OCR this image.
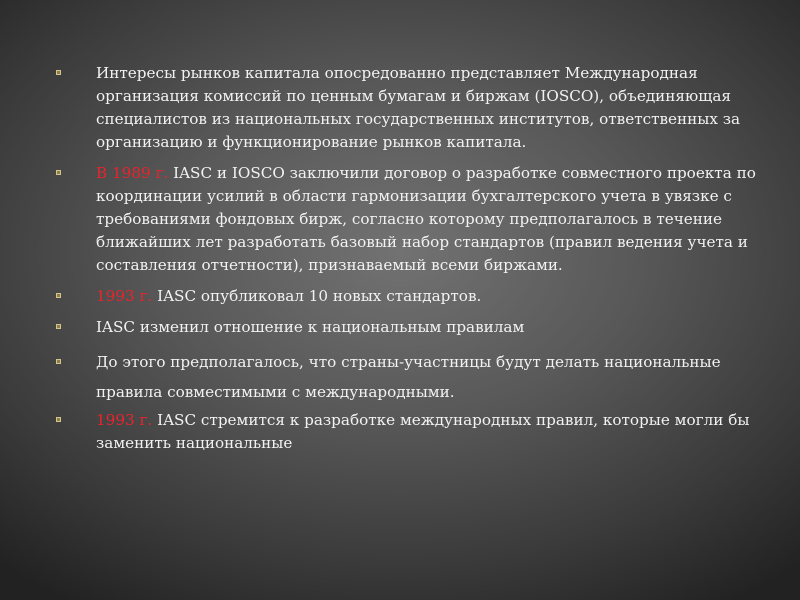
Интересы рынков капитала опосредованно представляет Международная организация комиссий по ценным бумагам и биржам (IOSCO), объединяющая специалистов из национальных государственных институтов, ответственных за организацию и функционирование рынков капитала.
В 1989 г. IASC и IOSCO заключили договор о разработке совместного проекта по координации усилий в области гармонизации бухгалтерского учета в увязке с требованиями фондовых бирж, согласно которому предполагалось в течение ближайших лет разработать базовый набор стандартов (правил ведения учета и составления отчетности), признаваемый всеми биржами.
1993 г. IASC опубликовал 10 новых стандартов.
IASC изменил отношение к национальным правилам
До этого предполагалось, что страны-участницы будут делать национальные правила совместимыми с международными.
1993 г. IASC стремится к разработке международных правил, которые могли бы заменить национальные
